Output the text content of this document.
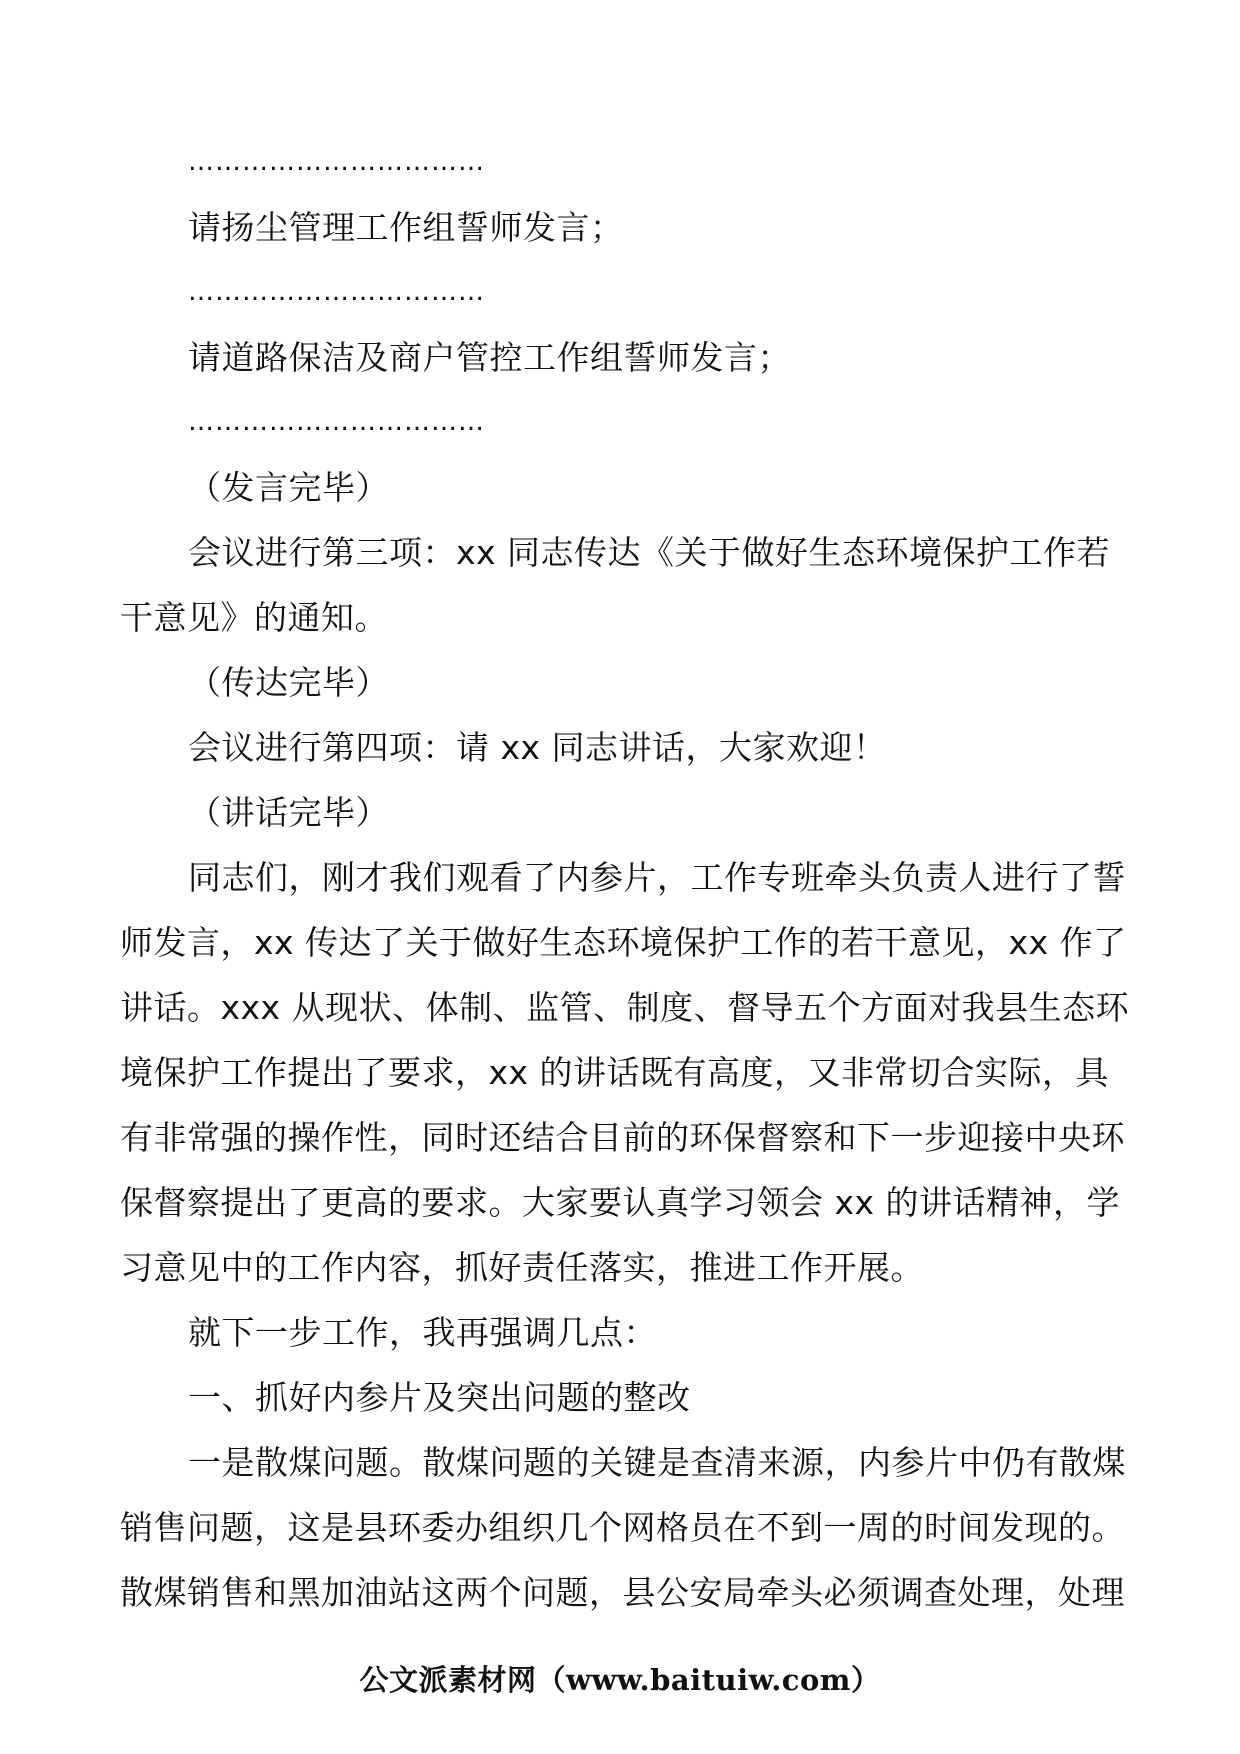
……………………………
请扬尘管理工作组誓师发言；
……………………………
请道路保洁及商户管控工作组誓师发言；
……………………………
（发言完毕）
会议进行第三项：xx 同志传达《关于做好生态环境保护工作若
干意见》的通知。
（传达完毕）
会议进行第四项：请 xx 同志讲话，大家欢迎！
（讲话完毕）
同志们，刚才我们观看了内参片，工作专班牵头负责人进行了誓
师发言，xx 传达了关于做好生态环境保护工作的若干意见，xx 作了
讲话。xxx 从现状、体制、监管、制度、督导五个方面对我县生态环
境保护工作提出了要求，xx 的讲话既有高度，又非常切合实际，具
有非常强的操作性，同时还结合目前的环保督察和下一步迎接中央环
保督察提出了更高的要求。大家要认真学习领会 xx 的讲话精神，学
习意见中的工作内容，抓好责任落实，推进工作开展。
就下一步工作，我再强调几点：
一、抓好内参片及突出问题的整改
一是散煤问题。散煤问题的关键是查清来源，内参片中仍有散煤
销售问题，这是县环委办组织几个网格员在不到一周的时间发现的。
散煤销售和黑加油站这两个问题，县公安局牵头必须调查处理，处理
公文派素材网（www.baituiw.com）
